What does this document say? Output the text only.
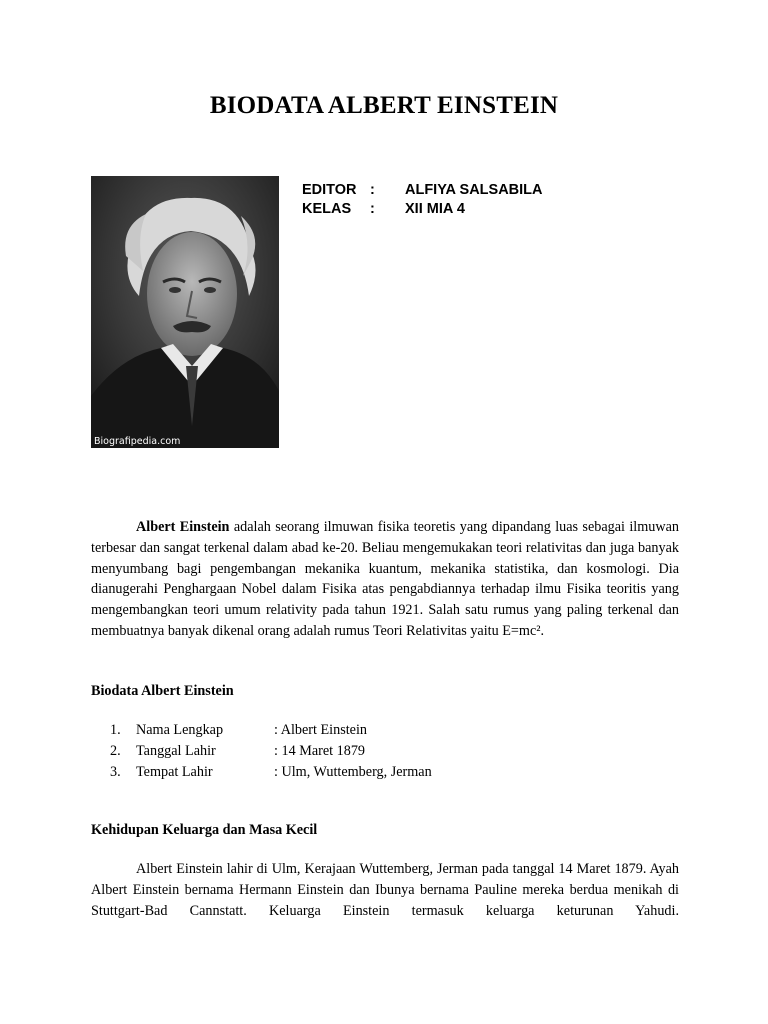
BIODATA ALBERT EINSTEIN
Biografipedia.com
EDITOR :	ALFIYA SALSABILA
KELAS	:	XII MIA 4

Albert Einstein adalah seorang ilmuwan fisika teoretis yang dipandang luas sebagai ilmuwan terbesar dan sangat terkenal dalam abad ke-20. Beliau mengemukakan teori relativitas dan juga banyak menyumbang bagi pengembangan mekanika kuantum, mekanika statistika, dan kosmologi. Dia dianugerahi Penghargaan Nobel dalam Fisika atas pengabdiannya terhadap ilmu Fisika teoritis yang mengembangkan teori umum relativity pada tahun 1921. Salah satu rumus yang paling terkenal dan membuatnya banyak dikenal orang adalah rumus Teori Relativitas yaitu E=mc².

Biodata Albert Einstein
1.	Nama Lengkap	: Albert Einstein
2.	Tanggal Lahir	: 14 Maret 1879
3.	Tempat Lahir	: Ulm, Wuttemberg, Jerman
Kehidupan Keluarga dan Masa Kecil
Albert Einstein lahir di Ulm, Kerajaan Wuttemberg, Jerman pada tanggal 14 Maret 1879. Ayah Albert Einstein bernama Hermann Einstein dan Ibunya bernama Pauline mereka berdua menikah di Stuttgart-Bad Cannstatt. Keluarga Einstein termasuk keluarga keturunan Yahudi.
